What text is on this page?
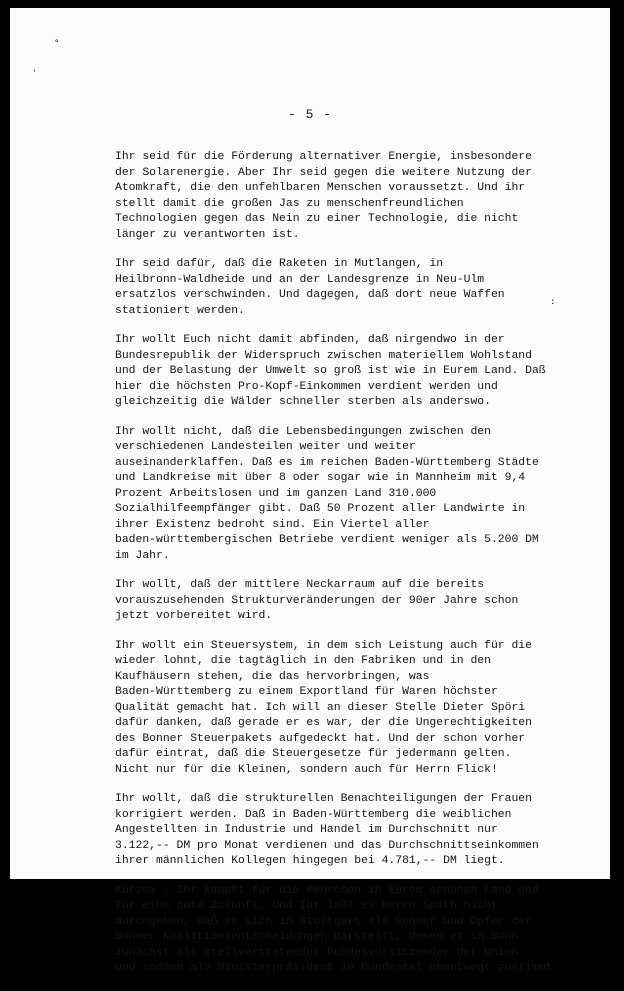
°
'
:
- 5 -
Ihr seid für die Förderung alternativer Energie, insbesondere
der Solarenergie. Aber Ihr seid gegen die weitere Nutzung der
Atomkraft, die den unfehlbaren Menschen voraussetzt. Und ihr
stellt damit die großen Jas zu menschenfreundlichen
Technologien gegen das Nein zu einer Technologie, die nicht
länger zu verantworten ist.
Ihr seid dafür, daß die Raketen in Mutlangen, in
Heilbronn-Waldheide und an der Landesgrenze in Neu-Ulm
ersatzlos verschwinden. Und dagegen, daß dort neue Waffen
stationiert werden.
Ihr wollt Euch nicht damit abfinden, daß nirgendwo in der
Bundesrepublik der Widerspruch zwischen materiellem Wohlstand
und der Belastung der Umwelt so groß ist wie in Eurem Land. Daß
hier die höchsten Pro-Kopf-Einkommen verdient werden und
gleichzeitig die Wälder schneller sterben als anderswo.
Ihr wollt nicht, daß die Lebensbedingungen zwischen den
verschiedenen Landesteilen weiter und weiter
auseinanderklaffen. Daß es im reichen Baden-Württemberg Städte
und Landkreise mit über 8 oder sogar wie in Mannheim mit 9,4
Prozent Arbeitslosen und im ganzen Land 310.000
Sozialhilfeempfänger gibt. Daß 50 Prozent aller Landwirte in
ihrer Existenz bedroht sind. Ein Viertel aller
baden-württembergischen Betriebe verdient weniger als 5.200 DM
im Jahr.
Ihr wollt, daß der mittlere Neckarraum auf die bereits
vorauszusehenden Strukturveränderungen der 90er Jahre schon
jetzt vorbereitet wird.
Ihr wollt ein Steuersystem, in dem sich Leistung auch für die
wieder lohnt, die tagtäglich in den Fabriken und in den
Kaufhäusern stehen, die das hervorbringen, was
Baden-Württemberg zu einem Exportland für Waren höchster
Qualität gemacht hat. Ich will an dieser Stelle Dieter Spöri
dafür danken, daß gerade er es war, der die Ungerechtigkeiten
des Bonner Steuerpakets aufgedeckt hat. Und der schon vorher
dafür eintrat, daß die Steuergesetze für jedermann gelten.
Nicht nur für die Kleinen, sondern auch für Herrn Flick!
Ihr wollt, daß die strukturellen Benachteiligungen der Frauen
korrigiert werden. Daß in Baden-Württemberg die weiblichen
Angestellten in Industrie und Handel im Durchschnitt nur
3.122,-- DM pro Monat verdienen und das Durchschnittseinkommen
ihrer männlichen Kollegen hingegen bei 4.781,-- DM liegt.
Kurzum - Ihr kämpft für die Menschen in Eurem schönen Land und
für eine gute Zukunft. Und Ihr laßt es Herrn Späth nicht
durchgehen, daß er sich in Stuttgart als Gegner und Opfer der
Bonner Koalitionsentscheidungen darstellt, denen er in Bonn
zunächst als stellvertretender Bundesvorsitzender der Union
und sodann als Ministerpräsident im Bundesrat unentwegt zustimmt.
